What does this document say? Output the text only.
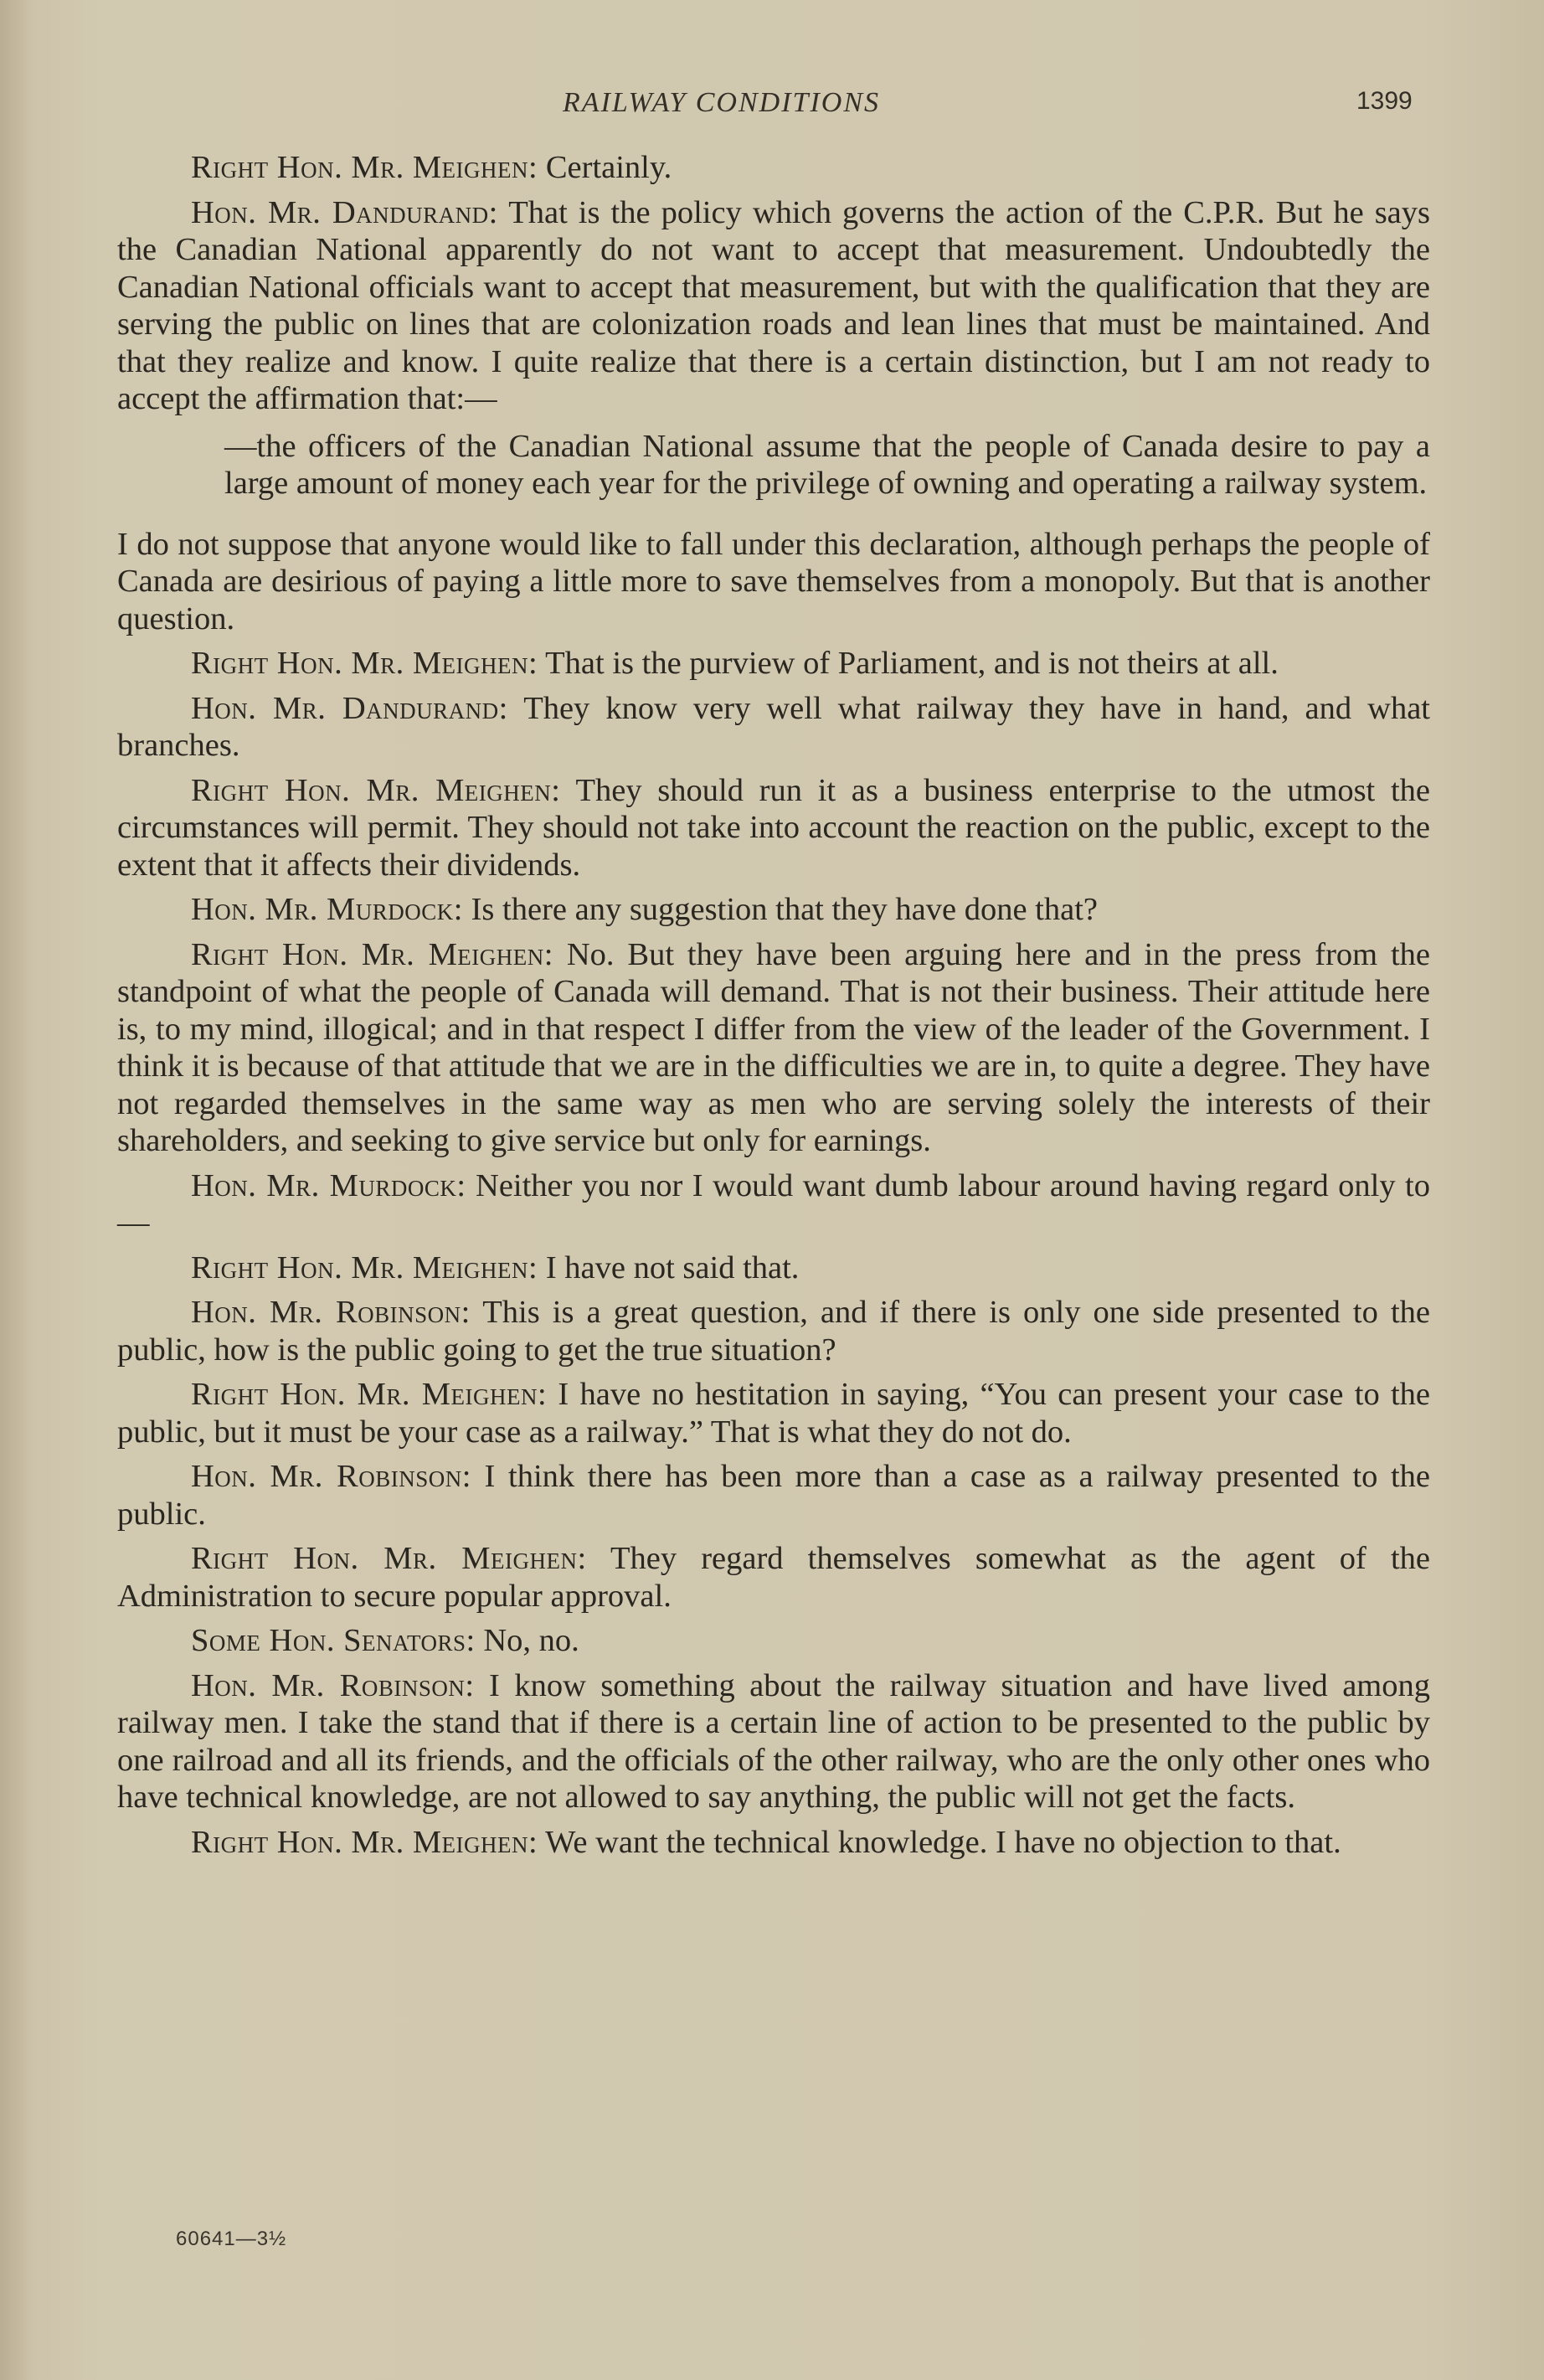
RAILWAY CONDITIONS	1399

Right Hon. Mr. Meighen: Certainly.

Hon. Mr. Dandurand: That is the policy which governs the action of the C.P.R. But he says the Canadian National apparently do not want to accept that measurement. Undoubtedly the Canadian National officials want to accept that measurement, but with the qualification that they are serving the public on lines that are colonization roads and lean lines that must be maintained. And that they realize and know. I quite realize that there is a certain distinction, but I am not ready to accept the affirmation that:—

—the officers of the Canadian National assume that the people of Canada desire to pay a large amount of money each year for the privilege of owning and operating a railway system.

I do not suppose that anyone would like to fall under this declaration, although perhaps the people of Canada are desirious of paying a little more to save themselves from a monopoly. But that is another question.

Right Hon. Mr. Meighen: That is the purview of Parliament, and is not theirs at all.

Hon. Mr. Dandurand: They know very well what railway they have in hand, and what branches.

Right Hon. Mr. Meighen: They should run it as a business enterprise to the utmost the circumstances will permit. They should not take into account the reaction on the public, except to the extent that it affects their dividends.

Hon. Mr. Murdock: Is there any suggestion that they have done that?

Right Hon. Mr. Meighen: No. But they have been arguing here and in the press from the standpoint of what the people of Canada will demand. That is not their business. Their attitude here is, to my mind, illogical; and in that respect I differ from the view of the leader of the Government. I think it is because of that attitude that we are in the difficulties we are in, to quite a degree. They have not regarded themselves in the same way as men who are serving solely the interests of their shareholders, and seeking to give service but only for earnings.

Hon. Mr. Murdock: Neither you nor I would want dumb labour around having regard only to—

Right Hon. Mr. Meighen: I have not said that.

Hon. Mr. Robinson: This is a great question, and if there is only one side presented to the public, how is the public going to get the true situation?

Right Hon. Mr. Meighen: I have no hestitation in saying, “You can present your case to the public, but it must be your case as a railway.” That is what they do not do.

Hon. Mr. Robinson: I think there has been more than a case as a railway presented to the public.

Right Hon. Mr. Meighen: They regard themselves somewhat as the agent of the Administration to secure popular approval.

Some Hon. Senators: No, no.

Hon. Mr. Robinson: I know something about the railway situation and have lived among railway men. I take the stand that if there is a certain line of action to be presented to the public by one railroad and all its friends, and the officials of the other railway, who are the only other ones who have technical knowledge, are not allowed to say anything, the public will not get the facts.

Right Hon. Mr. Meighen: We want the technical knowledge. I have no objection to that.

60641—3½
